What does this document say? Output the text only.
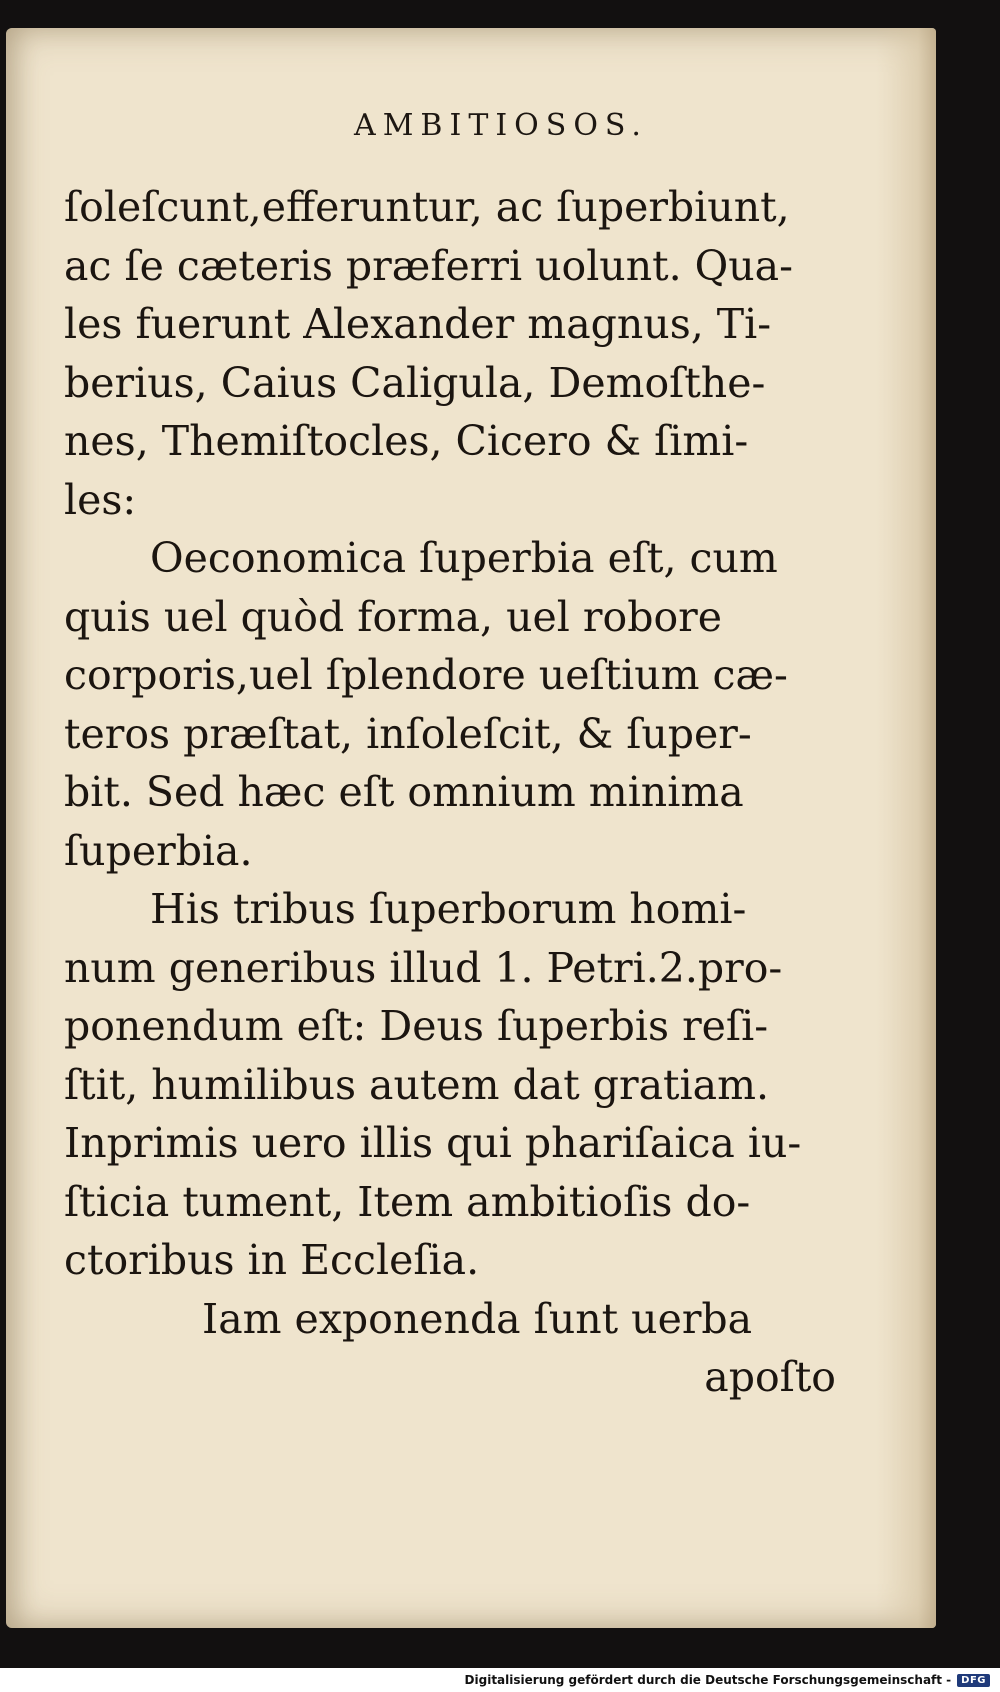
AMBITIOSOS.
ſoleſcunt,efferuntur, ac ſuperbiunt,
ac ſe cæteris præferri uolunt. Qua-
les fuerunt Alexander magnus, Ti-
berius, Caius Caligula, Demoſthe-
nes, Themiſtocles, Cicero & ſimi-
les:
Oeconomica ſuperbia eſt, cum
quis uel quòd forma, uel robore
corporis,uel ſplendore ueſtium cæ-
teros præſtat, inſoleſcit, & ſuper-
bit. Sed hæc eſt omnium minima
ſuperbia.
His tribus ſuperborum homi-
num generibus illud 1. Petri.2.pro-
ponendum eſt: Deus ſuperbis reſi-
ſtit, humilibus autem dat gratiam.
Inprimis uero illis qui phariſaica iu-
ſticia tument, Item ambitioſis do-
ctoribus in Eccleſia.
Iam exponenda ſunt uerba
apoſto
Digitalisierung gefördert durch die Deutsche Forschungsgemeinschaft -	DFG
